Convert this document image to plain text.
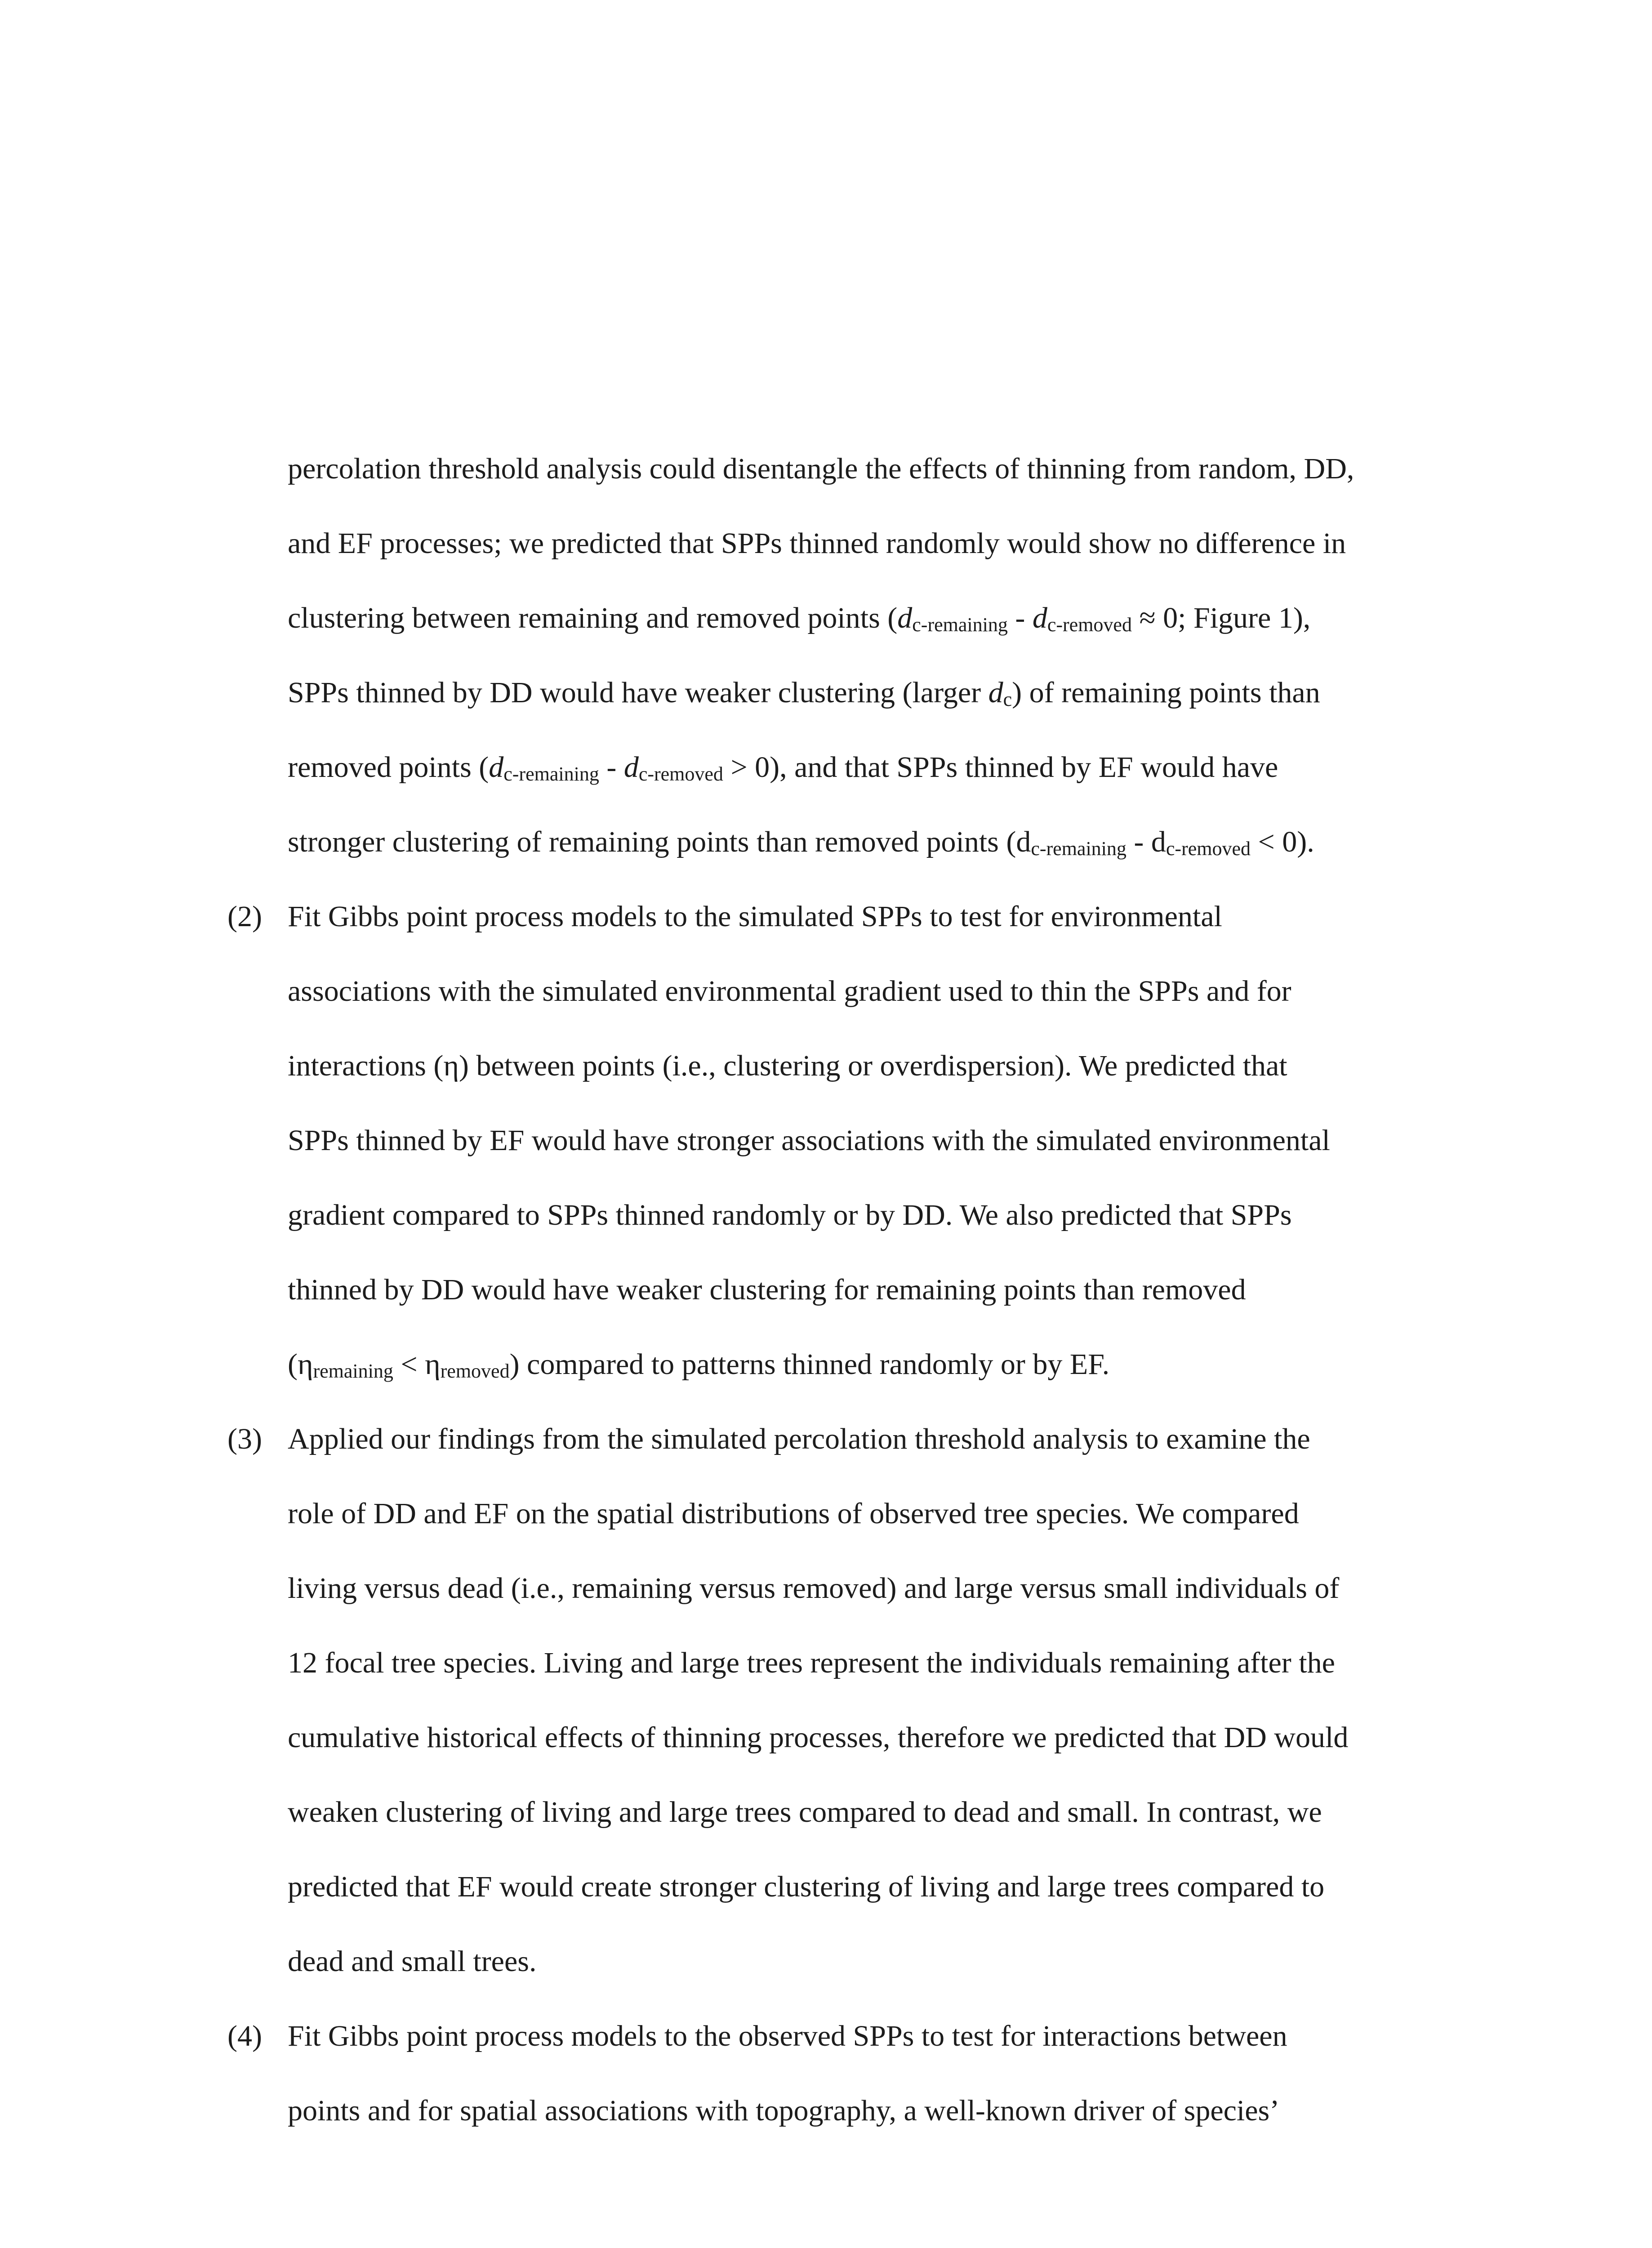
percolation threshold analysis could disentangle the effects of thinning from random, DD,
and EF processes; we predicted that SPPs thinned randomly would show no difference in
clustering between remaining and removed points (dc-remaining - dc-removed ≈ 0; Figure 1),
SPPs thinned by DD would have weaker clustering (larger dc) of remaining points than
removed points (dc-remaining - dc-removed > 0), and that SPPs thinned by EF would have
stronger clustering of remaining points than removed points (dc-remaining - dc-removed < 0).
(2) Fit Gibbs point process models to the simulated SPPs to test for environmental
associations with the simulated environmental gradient used to thin the SPPs and for
interactions (η) between points (i.e., clustering or overdispersion). We predicted that
SPPs thinned by EF would have stronger associations with the simulated environmental
gradient compared to SPPs thinned randomly or by DD. We also predicted that SPPs
thinned by DD would have weaker clustering for remaining points than removed
(ηremaining < ηremoved) compared to patterns thinned randomly or by EF.
(3) Applied our findings from the simulated percolation threshold analysis to examine the
role of DD and EF on the spatial distributions of observed tree species. We compared
living versus dead (i.e., remaining versus removed) and large versus small individuals of
12 focal tree species. Living and large trees represent the individuals remaining after the
cumulative historical effects of thinning processes, therefore we predicted that DD would
weaken clustering of living and large trees compared to dead and small. In contrast, we
predicted that EF would create stronger clustering of living and large trees compared to
dead and small trees.
(4) Fit Gibbs point process models to the observed SPPs to test for interactions between
points and for spatial associations with topography, a well-known driver of species’
